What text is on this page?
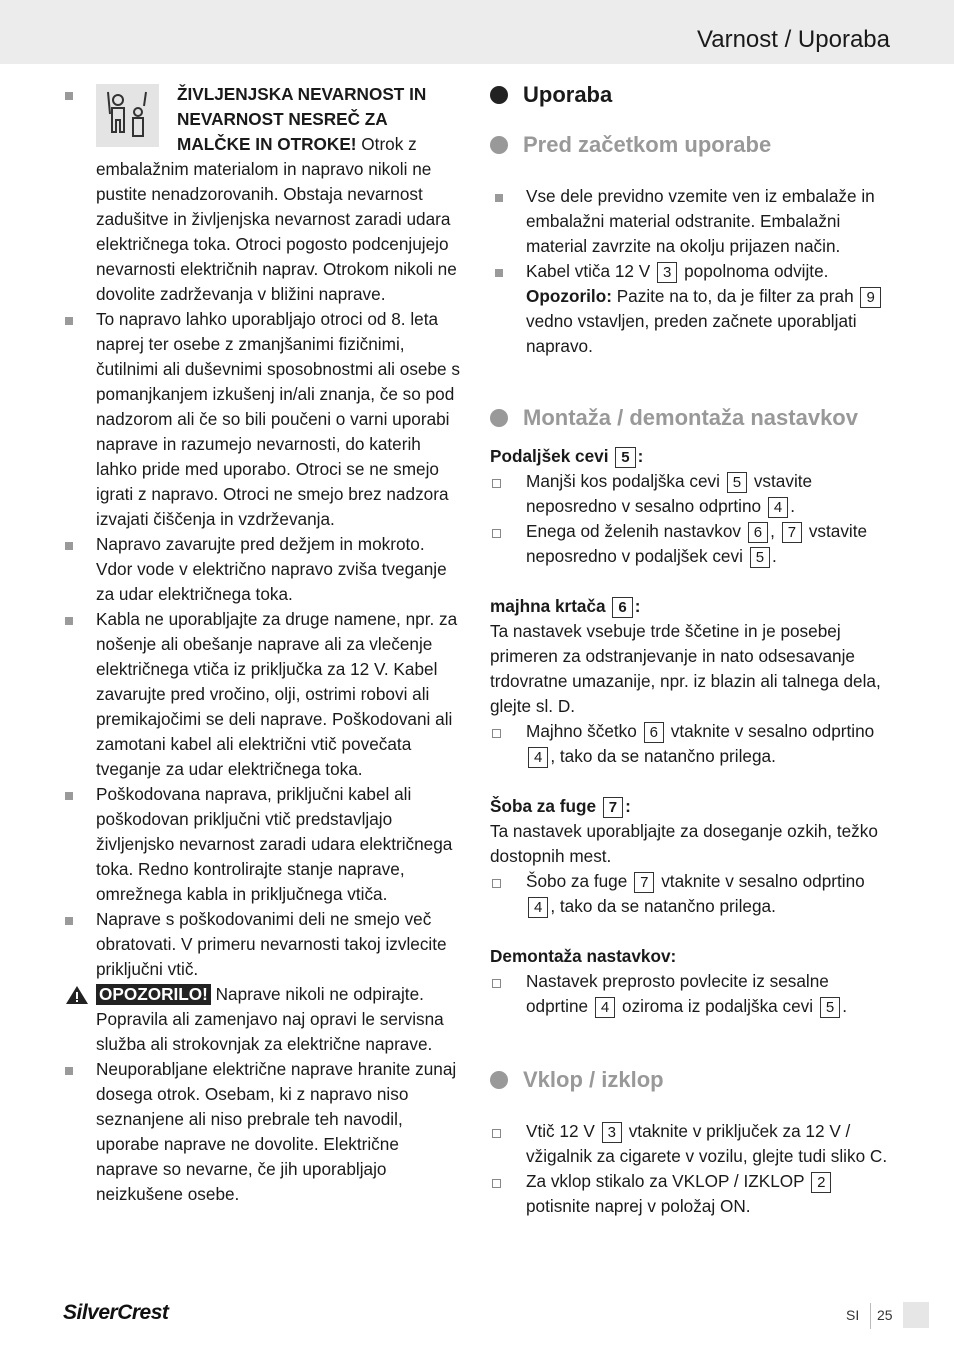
Varnost / Uporaba
ŽIVLJENJSKA NEVARNOST IN NEVARNOST NESREČ ZA MALČKE IN OTROKE! Otrok z embalažnim materialom in napravo nikoli ne pustite nenadzorovanih. Obstaja nevarnost zadušitve in življenjska nevarnost zaradi udara električnega toka. Otroci pogosto podcenjujejo nevarnosti električnih naprav. Otrokom nikoli ne dovolite zadrževanja v bližini naprave.
To napravo lahko uporabljajo otroci od 8. leta naprej ter osebe z zmanjšanimi fizičnimi, čutilnimi ali duševnimi sposobnostmi ali osebe s pomanjkanjem izkušenj in/ali znanja, če so pod nadzorom ali če so bili poučeni o varni uporabi naprave in razumejo nevarnosti, do katerih lahko pride med uporabo. Otroci se ne smejo igrati z napravo. Otroci ne smejo brez nadzora izvajati čiščenja in vzdrževanja.
Napravo zavarujte pred dežjem in mokroto. Vdor vode v električno napravo zviša tveganje za udar električnega toka.
Kabla ne uporabljajte za druge namene, npr. za nošenje ali obešanje naprave ali za vlečenje električnega vtiča iz priključka za 12 V. Kabel zavarujte pred vročino, olji, ostrimi robovi ali premikajočimi se deli naprave. Poškodovani ali zamotani kabel ali električni vtič povečata tveganje za udar električnega toka.
Poškodovana naprava, priključni kabel ali poškodovan priključni vtič predstavljajo življenjsko nevarnost zaradi udara električnega toka. Redno kontrolirajte stanje naprave, omrežnega kabla in priključnega vtiča.
Naprave s poškodovanimi deli ne smejo več obratovati. V primeru nevarnosti takoj izvlecite priključni vtič.
OPOZORILO! Naprave nikoli ne odpirajte. Popravila ali zamenjavo naj opravi le servisna služba ali strokovnjak za električne naprave.
Neuporabljane električne naprave hranite zunaj dosega otrok. Osebam, ki z napravo niso seznanjene ali niso prebrale teh navodil, uporabe naprave ne dovolite. Električne naprave so nevarne, če jih uporabljajo neizkušene osebe.
Uporaba
Pred začetkom uporabe
Vse dele previdno vzemite ven iz embalaže in embalažni material odstranite. Embalažni material zavrzite na okolju prijazen način.
Kabel vtiča 12 V 3 popolnoma odvijte. Opozorilo: Pazite na to, da je filter za prah 9 vedno vstavljen, preden začnete uporabljati napravo.
Montaža / demontaža nastavkov
Podaljšek cevi 5 :
Manjši kos podaljška cevi 5 vstavite neposredno v sesalno odprtino 4 .
Enega od želenih nastavkov 6 , 7 vstavite neposredno v podaljšek cevi 5 .
majhna krtača 6 :
Ta nastavek vsebuje trde ščetine in je posebej primeren za odstranjevanje in nato odsesavanje trdovratne umazanije, npr. iz blazin ali talnega dela, glejte sl. D.
Majhno ščetko 6 vtaknite v sesalno odprtino 4 , tako da se natančno prilega.
Šoba za fuge 7 :
Ta nastavek uporabljajte za doseganje ozkih, težko dostopnih mest.
Šobo za fuge 7 vtaknite v sesalno odprtino 4 , tako da se natančno prilega.
Demontaža nastavkov:
Nastavek preprosto povlecite iz sesalne odprtine 4 oziroma iz podaljška cevi 5 .
Vklop / izklop
Vtič 12 V 3 vtaknite v priključek za 12 V / vžigalnik za cigarete v vozilu, glejte tudi sliko C.
Za vklop stikalo za VKLOP / IZKLOP 2 potisnite naprej v položaj ON.
SilverCrest	SI 25
